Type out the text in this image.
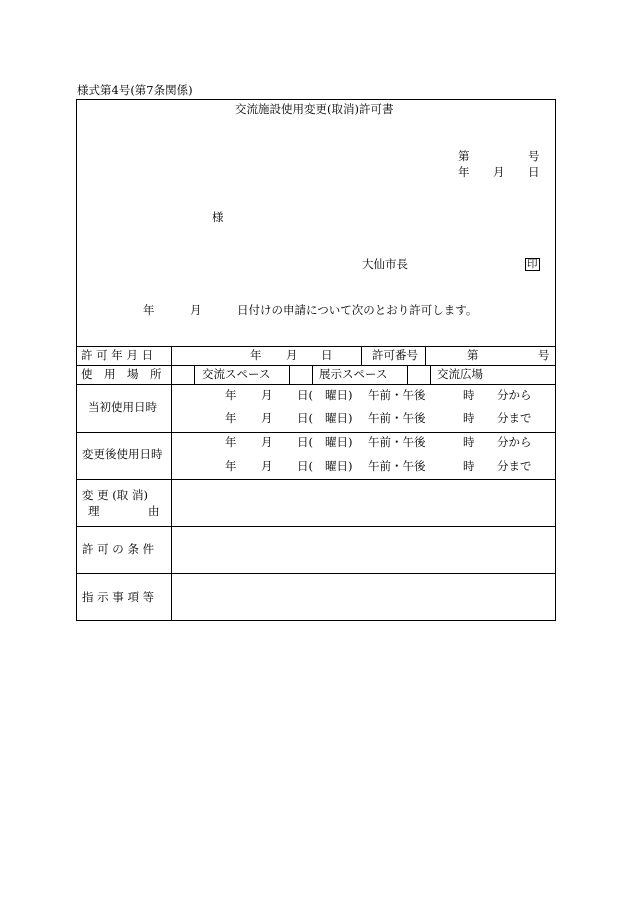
様式第4号(第7条関係)
交流施設使用変更(取消)許可書
第	号
年 月 日
様
大仙市長	印
年	月	日付けの申請について次のとおり許可します。
許 可 年 月 日	年 月 日	許可番号	第	号
使　用　場　所	交流スペース	展示スペース	交流広場
当初使用日時
年 月 日( 曜日) 午前・午後	時 分から
年 月 日( 曜日) 午前・午後	時 分まで
変更後使用日時
年 月 日( 曜日) 午前・午後	時 分から
年 月 日( 曜日) 午前・午後	時 分まで
変 更 (取 消)
理	由
許 可 の 条 件
指 示 事 項 等
